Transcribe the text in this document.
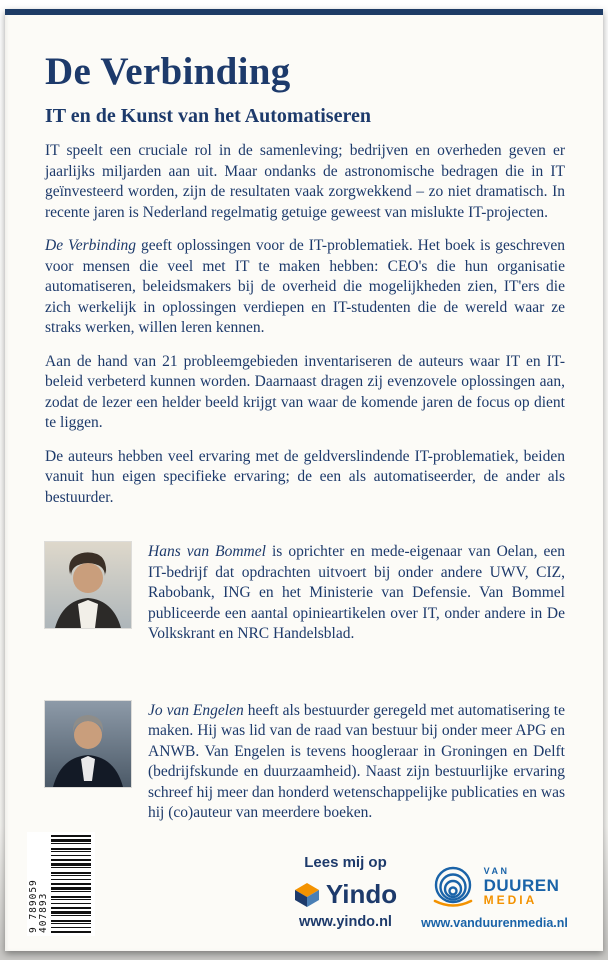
De Verbinding
IT en de Kunst van het Automatiseren

IT speelt een cruciale rol in de samenleving; bedrijven en overheden geven er jaarlijks miljarden aan uit. Maar ondanks de astronomische bedragen die in IT geïnvesteerd worden, zijn de resultaten vaak zorgwekkend – zo niet dramatisch. In recente jaren is Nederland regelmatig getuige geweest van mislukte IT-projecten.

De Verbinding geeft oplossingen voor de IT-problematiek. Het boek is geschreven voor mensen die veel met IT te maken hebben: CEO's die hun organisatie automatiseren, beleidsmakers bij de overheid die mogelijkheden zien, IT'ers die zich werkelijk in oplossingen verdiepen en IT-studenten die de wereld waar ze straks werken, willen leren kennen.

Aan de hand van 21 probleemgebieden inventariseren de auteurs waar IT en IT-beleid verbeterd kunnen worden. Daarnaast dragen zij evenzovele oplossingen aan, zodat de lezer een helder beeld krijgt van waar de komende jaren de focus op dient te liggen.

De auteurs hebben veel ervaring met de geldverslindende IT-problematiek, beiden vanuit hun eigen specifieke ervaring; de een als automatiseerder, de ander als bestuurder.

Hans van Bommel is oprichter en mede-eigenaar van Oelan, een IT-bedrijf dat opdrachten uitvoert bij onder andere UWV, CIZ, Rabobank, ING en het Ministerie van Defensie. Van Bommel publiceerde een aantal opinieartikelen over IT, onder andere in De Volkskrant en NRC Handelsblad.

Jo van Engelen heeft als bestuurder geregeld met automatisering te maken. Hij was lid van de raad van bestuur bij onder meer APG en ANWB. Van Engelen is tevens hoogleraar in Groningen en Delft (bedrijfskunde en duurzaamheid). Naast zijn bestuurlijke ervaring schreef hij meer dan honderd wetenschappelijke publicaties en was hij (co)auteur van meerdere boeken.

9 789059 407893
Lees mij op
Yindo
www.yindo.nl
VAN
DUUREN
MEDIA
www.vanduurenmedia.nl
